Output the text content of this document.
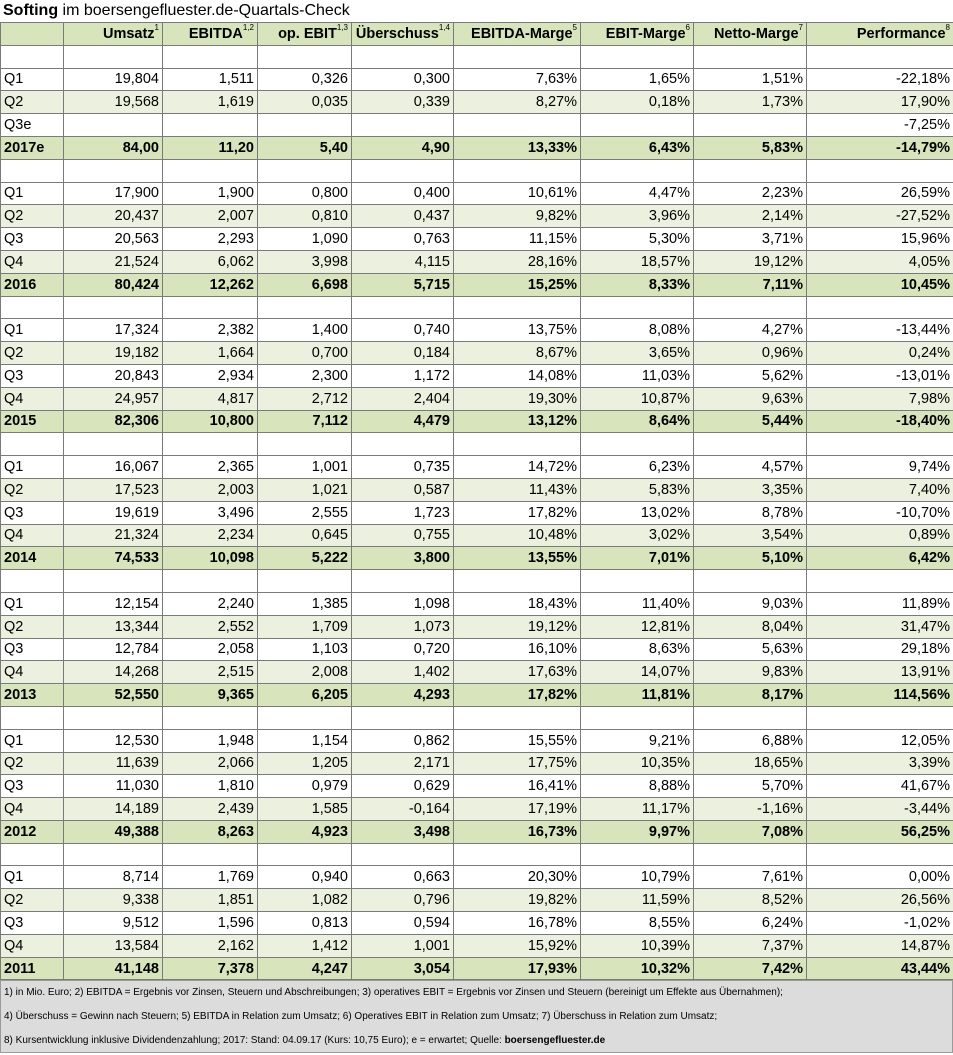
Softing im boersengefluester.de-Quartals-Check
	Umsatz$^1$	EBITDA$^{1,2}$	op. EBIT$^{1,3}$	Überschuss$^{1,4}$	EBITDA-Marge$^5$	EBIT-Marge$^6$	Netto-Marge$^7$	Performance$^8$

Q1	19,804	1,511	0,326	0,300	7,63%	1,65%	1,51%	-22,18%
Q2	19,568	1,619	0,035	0,339	8,27%	0,18%	1,73%	17,90%
Q3e								-7,25%
2017e	84,00	11,20	5,40	4,90	13,33%	6,43%	5,83%	-14,79%

Q1	17,900	1,900	0,800	0,400	10,61%	4,47%	2,23%	26,59%
Q2	20,437	2,007	0,810	0,437	9,82%	3,96%	2,14%	-27,52%
Q3	20,563	2,293	1,090	0,763	11,15%	5,30%	3,71%	15,96%
Q4	21,524	6,062	3,998	4,115	28,16%	18,57%	19,12%	4,05%
2016	80,424	12,262	6,698	5,715	15,25%	8,33%	7,11%	10,45%

Q1	17,324	2,382	1,400	0,740	13,75%	8,08%	4,27%	-13,44%
Q2	19,182	1,664	0,700	0,184	8,67%	3,65%	0,96%	0,24%
Q3	20,843	2,934	2,300	1,172	14,08%	11,03%	5,62%	-13,01%
Q4	24,957	4,817	2,712	2,404	19,30%	10,87%	9,63%	7,98%
2015	82,306	10,800	7,112	4,479	13,12%	8,64%	5,44%	-18,40%

Q1	16,067	2,365	1,001	0,735	14,72%	6,23%	4,57%	9,74%
Q2	17,523	2,003	1,021	0,587	11,43%	5,83%	3,35%	7,40%
Q3	19,619	3,496	2,555	1,723	17,82%	13,02%	8,78%	-10,70%
Q4	21,324	2,234	0,645	0,755	10,48%	3,02%	3,54%	0,89%
2014	74,533	10,098	5,222	3,800	13,55%	7,01%	5,10%	6,42%

Q1	12,154	2,240	1,385	1,098	18,43%	11,40%	9,03%	11,89%
Q2	13,344	2,552	1,709	1,073	19,12%	12,81%	8,04%	31,47%
Q3	12,784	2,058	1,103	0,720	16,10%	8,63%	5,63%	29,18%
Q4	14,268	2,515	2,008	1,402	17,63%	14,07%	9,83%	13,91%
2013	52,550	9,365	6,205	4,293	17,82%	11,81%	8,17%	114,56%

Q1	12,530	1,948	1,154	0,862	15,55%	9,21%	6,88%	12,05%
Q2	11,639	2,066	1,205	2,171	17,75%	10,35%	18,65%	3,39%
Q3	11,030	1,810	0,979	0,629	16,41%	8,88%	5,70%	41,67%
Q4	14,189	2,439	1,585	-0,164	17,19%	11,17%	-1,16%	-3,44%
2012	49,388	8,263	4,923	3,498	16,73%	9,97%	7,08%	56,25%

Q1	8,714	1,769	0,940	0,663	20,30%	10,79%	7,61%	0,00%
Q2	9,338	1,851	1,082	0,796	19,82%	11,59%	8,52%	26,56%
Q3	9,512	1,596	0,813	0,594	16,78%	8,55%	6,24%	-1,02%
Q4	13,584	2,162	1,412	1,001	15,92%	10,39%	7,37%	14,87%
2011	41,148	7,378	4,247	3,054	17,93%	10,32%	7,42%	43,44%
1) in Mio. Euro; 2) EBITDA = Ergebnis vor Zinsen, Steuern und Abschreibungen; 3) operatives EBIT = Ergebnis vor Zinsen und Steuern (bereinigt um Effekte aus Übernahmen);
4) Überschuss = Gewinn nach Steuern; 5) EBITDA in Relation zum Umsatz; 6) Operatives EBIT in Relation zum Umsatz; 7) Überschuss in Relation zum Umsatz;
8) Kursentwicklung inklusive Dividendenzahlung; 2017: Stand: 04.09.17 (Kurs: 10,75 Euro); e = erwartet; Quelle: boersengefluester.de
